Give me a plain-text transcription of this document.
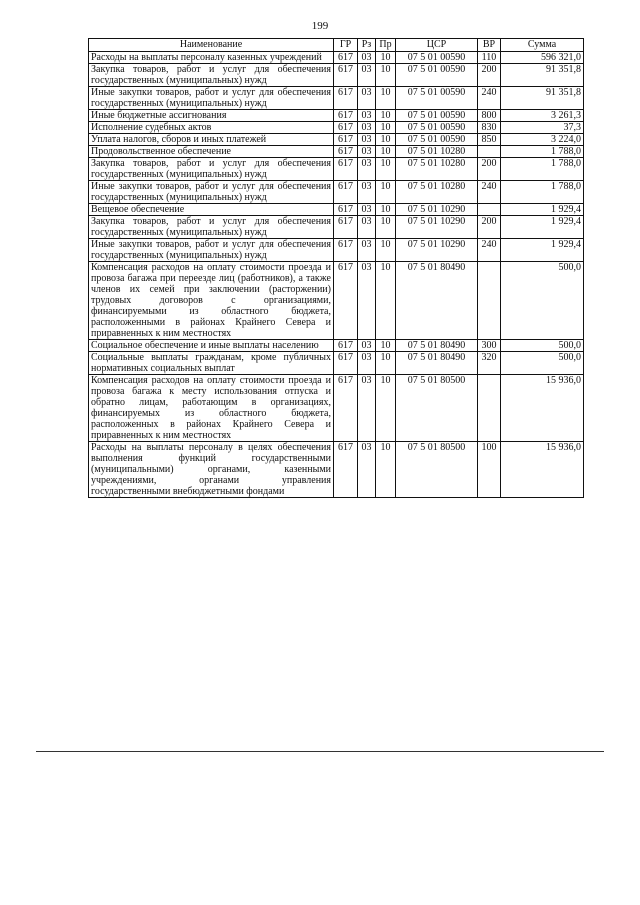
199
Наименование	ГР	Рз	Пр	ЦСР	ВР	Сумма
Расходы на выплаты персоналу казенных учреждений	617	03	10	07 5 01 00590	110	596 321,0
Закупка товаров, работ и услуг для обеспечения государственных (муниципальных) нужд	617	03	10	07 5 01 00590	200	91 351,8
Иные закупки товаров, работ и услуг для обеспечения государственных (муниципальных) нужд	617	03	10	07 5 01 00590	240	91 351,8
Иные бюджетные ассигнования	617	03	10	07 5 01 00590	800	3 261,3
Исполнение судебных актов	617	03	10	07 5 01 00590	830	37,3
Уплата налогов, сборов и иных платежей	617	03	10	07 5 01 00590	850	3 224,0
Продовольственное обеспечение	617	03	10	07 5 01 10280		1 788,0
Закупка товаров, работ и услуг для обеспечения государственных (муниципальных) нужд	617	03	10	07 5 01 10280	200	1 788,0
Иные закупки товаров, работ и услуг для обеспечения государственных (муниципальных) нужд	617	03	10	07 5 01 10280	240	1 788,0
Вещевое обеспечение	617	03	10	07 5 01 10290		1 929,4
Закупка товаров, работ и услуг для обеспечения государственных (муниципальных) нужд	617	03	10	07 5 01 10290	200	1 929,4
Иные закупки товаров, работ и услуг для обеспечения государственных (муниципальных) нужд	617	03	10	07 5 01 10290	240	1 929,4
Компенсация расходов на оплату стоимости проезда и провоза багажа при переезде лиц (работников), а также членов их семей при заключении (расторжении) трудовых договоров с организациями, финансируемыми из областного бюджета, расположенными в районах Крайнего Севера и приравненных к ним местностях	617	03	10	07 5 01 80490		500,0
Социальное обеспечение и иные выплаты населению	617	03	10	07 5 01 80490	300	500,0
Социальные выплаты гражданам, кроме публичных нормативных социальных выплат	617	03	10	07 5 01 80490	320	500,0
Компенсация расходов на оплату стоимости проезда и провоза багажа к месту использования отпуска и обратно лицам, работающим в организациях, финансируемых из областного бюджета, расположенных в районах Крайнего Севера и приравненных к ним местностях	617	03	10	07 5 01 80500		15 936,0
Расходы на выплаты персоналу в целях обеспечения выполнения функций государственными (муниципальными) органами, казенными учреждениями, органами управления государственными внебюджетными фондами	617	03	10	07 5 01 80500	100	15 936,0
